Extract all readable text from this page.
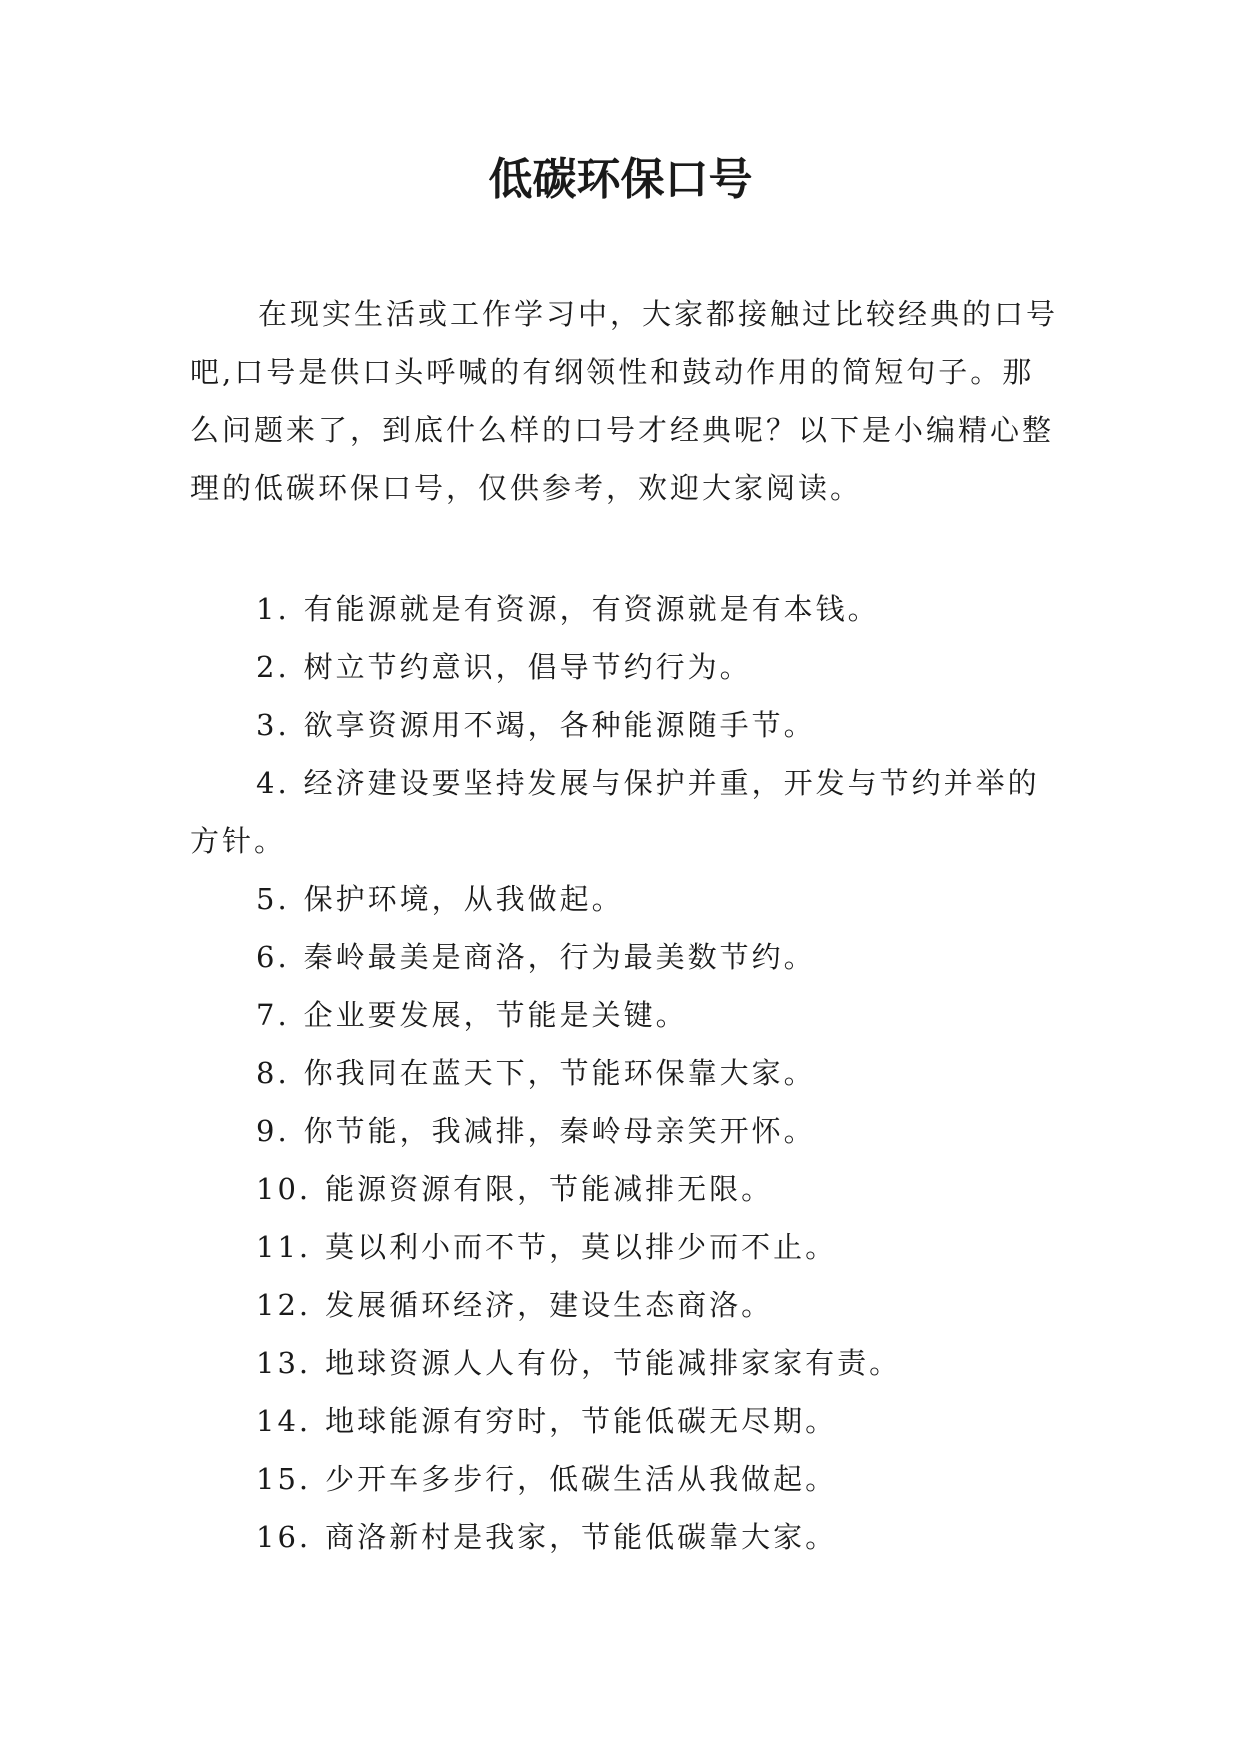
低碳环保口号

在现实生活或工作学习中，大家都接触过比较经典的口号吧,口号是供口头呼喊的有纲领性和鼓动作用的简短句子。那么问题来了，到底什么样的口号才经典呢？以下是小编精心整理的低碳环保口号，仅供参考，欢迎大家阅读。

1. 有能源就是有资源，有资源就是有本钱。
2. 树立节约意识，倡导节约行为。
3. 欲享资源用不竭，各种能源随手节。
4. 经济建设要坚持发展与保护并重，开发与节约并举的方针。
5. 保护环境，从我做起。
6. 秦岭最美是商洛，行为最美数节约。
7. 企业要发展，节能是关键。
8. 你我同在蓝天下，节能环保靠大家。
9. 你节能，我减排，秦岭母亲笑开怀。
10. 能源资源有限，节能减排无限。
11. 莫以利小而不节，莫以排少而不止。
12. 发展循环经济，建设生态商洛。
13. 地球资源人人有份，节能减排家家有责。
14. 地球能源有穷时，节能低碳无尽期。
15. 少开车多步行，低碳生活从我做起。
16. 商洛新村是我家，节能低碳靠大家。
